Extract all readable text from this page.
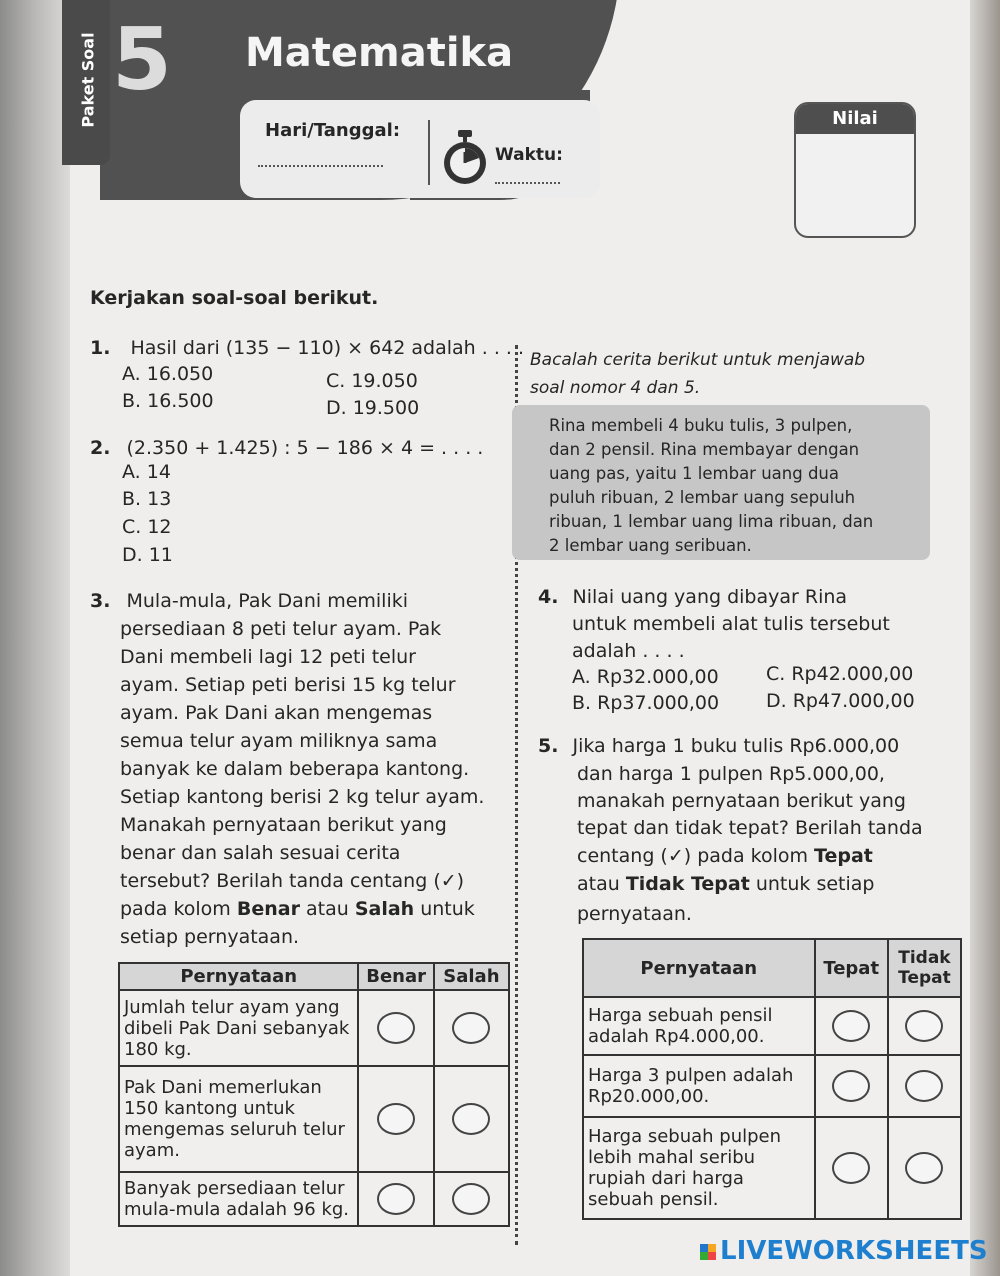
Paket Soal 5 Matematika
Hari/Tanggal:
Waktu:
Nilai
Kerjakan soal-soal berikut.
1. Hasil dari (135 − 110) × 642 adalah . . . .
A. 16.050
B. 16.500
C. 19.050
D. 19.500
2. (2.350 + 1.425) : 5 − 186 × 4 = . . . .
A. 14
B. 13
C. 12
D. 11
3. Mula-mula, Pak Dani memiliki
persediaan 8 peti telur ayam. Pak
Dani membeli lagi 12 peti telur
ayam. Setiap peti berisi 15 kg telur
ayam. Pak Dani akan mengemas
semua telur ayam miliknya sama
banyak ke dalam beberapa kantong.
Setiap kantong berisi 2 kg telur ayam.
Manakah pernyataan berikut yang
benar dan salah sesuai cerita
tersebut? Berilah tanda centang (✓)
pada kolom Benar atau Salah untuk
setiap pernyataan.
Pernyataan	Benar	Salah
Jumlah telur ayam yang dibeli Pak Dani sebanyak 180 kg.	

Pak Dani memerlukan 150 kantong untuk mengemas seluruh telur ayam.	

Banyak persediaan telur mula-mula adalah 96 kg.	

Bacalah cerita berikut untuk menjawab
soal nomor 4 dan 5.
Rina membeli 4 buku tulis, 3 pulpen,
dan 2 pensil. Rina membayar dengan
uang pas, yaitu 1 lembar uang dua
puluh ribuan, 2 lembar uang sepuluh
ribuan, 1 lembar uang lima ribuan, dan
2 lembar uang seribuan.
4. Nilai uang yang dibayar Rina
untuk membeli alat tulis tersebut
adalah . . . .
A. Rp32.000,00
B. Rp37.000,00
C. Rp42.000,00
D. Rp47.000,00
5. Jika harga 1 buku tulis Rp6.000,00
dan harga 1 pulpen Rp5.000,00,
manakah pernyataan berikut yang
tepat dan tidak tepat? Berilah tanda
centang (✓) pada kolom Tepat
atau Tidak Tepat untuk setiap
pernyataan.
Pernyataan	Tepat	Tidak Tepat
Harga sebuah pensil adalah Rp4.000,00.	

Harga 3 pulpen adalah Rp20.000,00.	

Harga sebuah pulpen lebih mahal seribu rupiah dari harga sebuah pensil.	

LIVEWORKSHEETS
